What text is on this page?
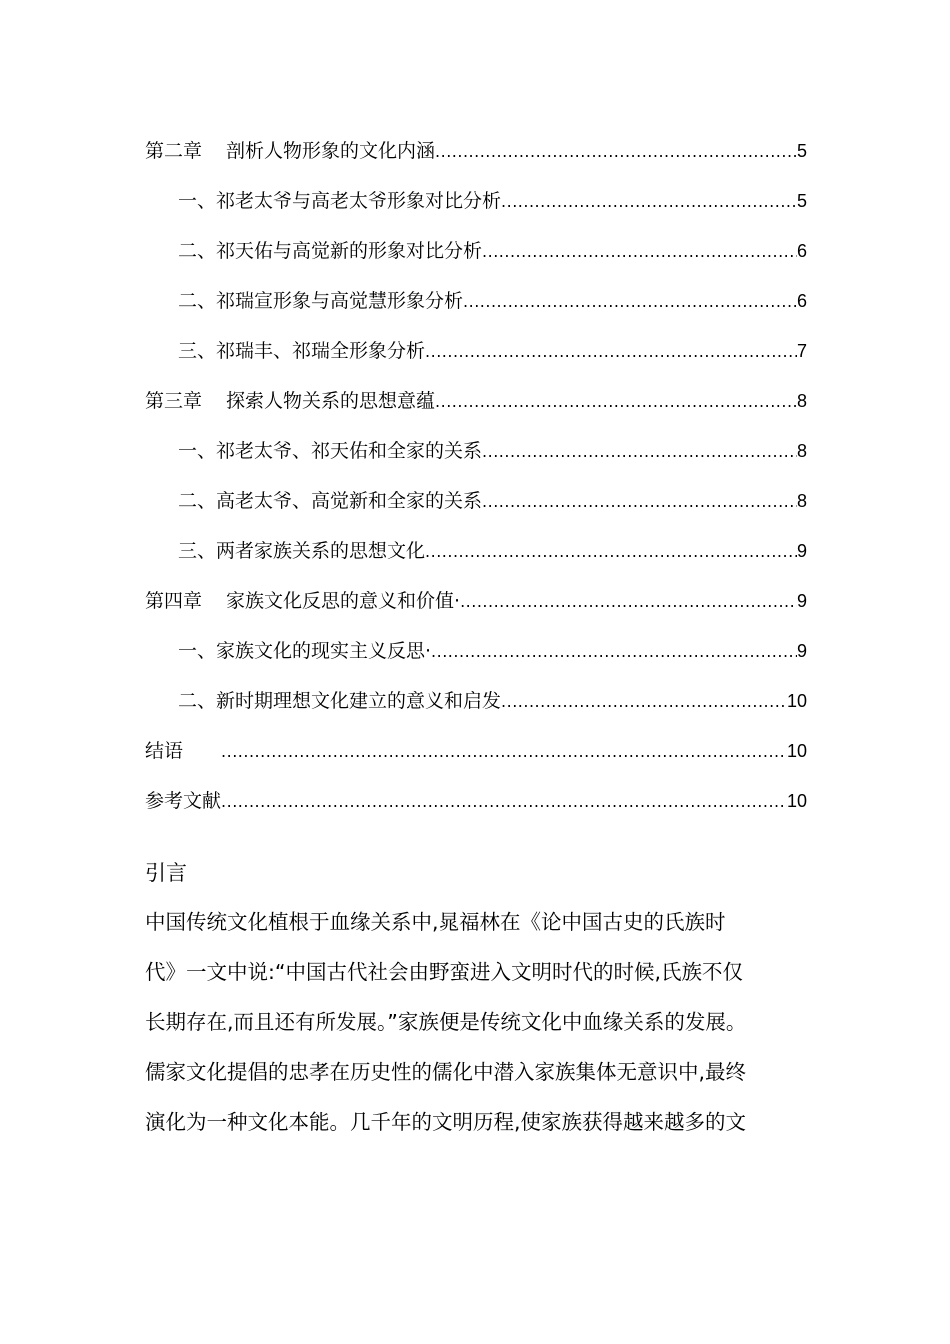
第二章 剖析人物形象的文化内涵 .....	5
一、祁老太爷与高老太爷形象对比分析 .....	5
二、祁天佑与高觉新的形象对比分析 .....	6
二、祁瑞宣形象与高觉慧形象分析 .....	6
三、祁瑞丰、祁瑞全形象分析 .....	7
第三章 探索人物关系的思想意蕴 .....	8
一、祁老太爷、祁天佑和全家的关系 .....	8
二、高老太爷、高觉新和全家的关系 .....	8
三、两者家族关系的思想文化 .....	9
第四章 家族文化反思的意义和价值· .....	9
一、家族文化的现实主义反思· .....	9
二、新时期理想文化建立的意义和启发 .....	10
结语 .....	10
参考文献 .....	10
引言

中国传统文化植根于血缘关系中,晁福林在《论中国古史的氏族时

代》一文中说:“中国古代社会由野蛮进入文明时代的时候,氏族不仅

长期存在,而且还有所发展。”家族便是传统文化中血缘关系的发展。

儒家文化提倡的忠孝在历史性的儒化中潜入家族集体无意识中,最终

演化为一种文化本能。几千年的文明历程,使家族获得越来越多的文
